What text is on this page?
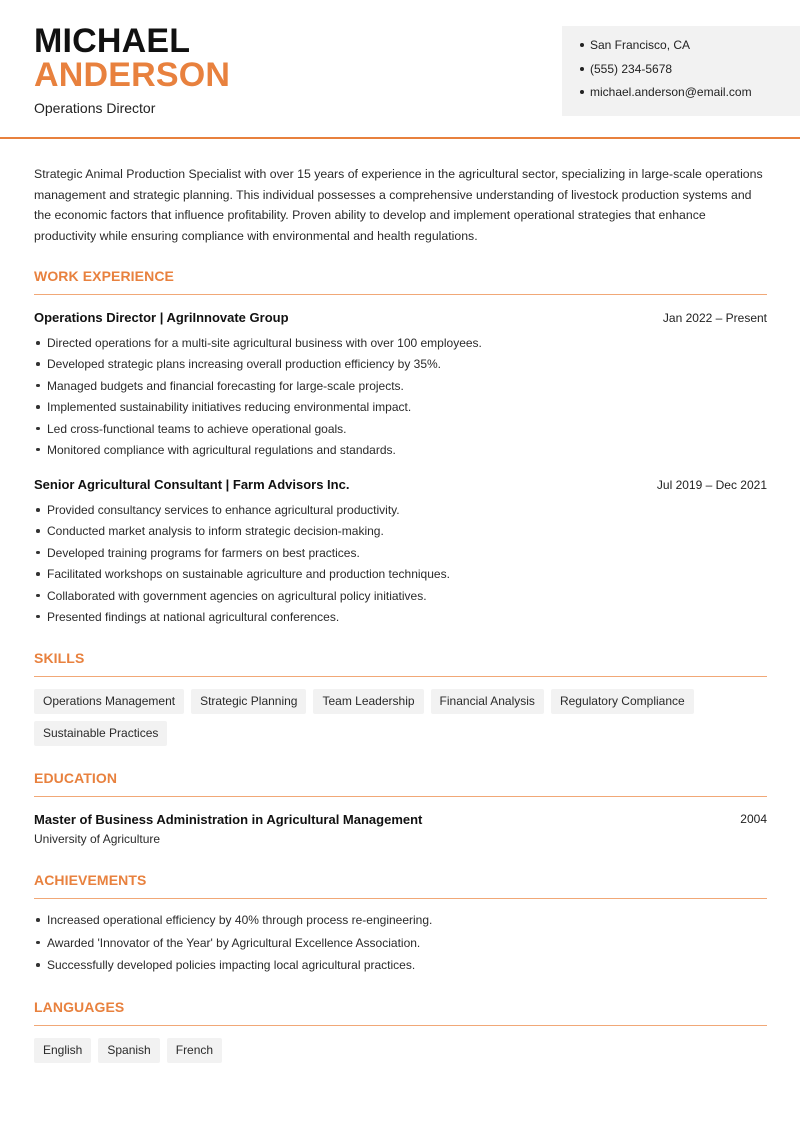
MICHAEL
ANDERSON
Operations Director
San Francisco, CA
(555) 234-5678
michael.anderson@email.com

Strategic Animal Production Specialist with over 15 years of experience in the agricultural sector, specializing in large-scale operations management and strategic planning. This individual possesses a comprehensive understanding of livestock production systems and the economic factors that influence profitability. Proven ability to develop and implement operational strategies that enhance productivity while ensuring compliance with environmental and health regulations.

WORK EXPERIENCE
Operations Director | AgriInnovate Group	Jan 2022 – Present
Directed operations for a multi-site agricultural business with over 100 employees.
Developed strategic plans increasing overall production efficiency by 35%.
Managed budgets and financial forecasting for large-scale projects.
Implemented sustainability initiatives reducing environmental impact.
Led cross-functional teams to achieve operational goals.
Monitored compliance with agricultural regulations and standards.
Senior Agricultural Consultant | Farm Advisors Inc.	Jul 2019 – Dec 2021
Provided consultancy services to enhance agricultural productivity.
Conducted market analysis to inform strategic decision-making.
Developed training programs for farmers on best practices.
Facilitated workshops on sustainable agriculture and production techniques.
Collaborated with government agencies on agricultural policy initiatives.
Presented findings at national agricultural conferences.
SKILLS
Operations Management	Strategic Planning	Team Leadership	Financial Analysis	Regulatory Compliance
Sustainable Practices
EDUCATION
Master of Business Administration in Agricultural Management	2004
University of Agriculture
ACHIEVEMENTS
Increased operational efficiency by 40% through process re-engineering.
Awarded 'Innovator of the Year' by Agricultural Excellence Association.
Successfully developed policies impacting local agricultural practices.
LANGUAGES
English	Spanish	French
